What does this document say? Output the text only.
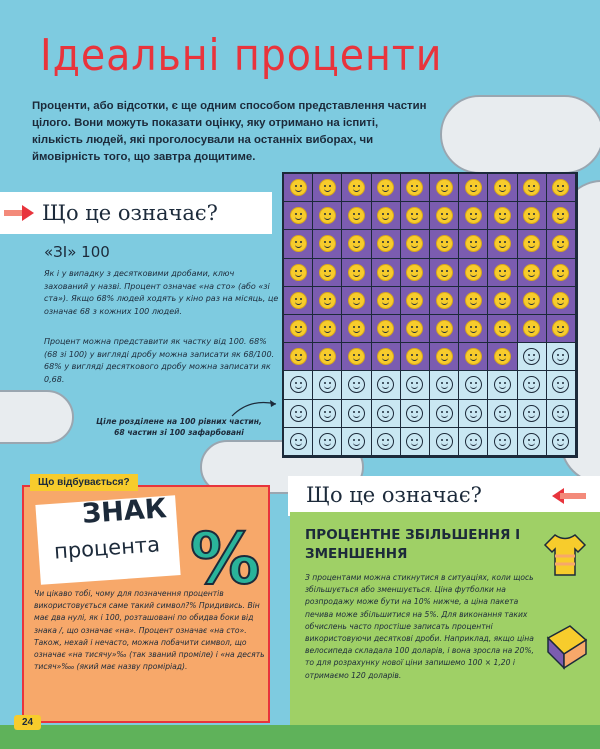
Ідеальні проценти

Проценти, або відсотки, є ще одним способом представлення частин цілого. Вони можуть показати оцінку, яку отримано на іспиті, кількість людей, які проголосували на останніх виборах, чи ймовірність того, що завтра дощитиме.

Що це означає?
«ЗІ» 100

Як і у випадку з десятковими дробами, ключ захований у назві. Процент означає «на сто» (або «зі ста»). Якщо 68% людей ходять у кіно раз на місяць, це означає 68 з кожних 100 людей.

Процент можна представити як частку від 100. 68% (68 зі 100) у вигляді дробу можна записати як 68/100. 68% у вигляді десяткового дробу можна записати як 0,68.

Ціле розділене на 100 рівних частин, 68 частин зі 100 зафарбовані

Що це означає?
Що відбувається?
ЗНАК
процента %

Чи цікаво тобі, чому для позначення процентів використовується саме такий символ?% Придивись. Він має два нулі, як і 100, розташовані по обидва боки від знака /, що означає «на». Процент означає «на сто». Також, нехай і нечасто, можна побачити символ, що означає «на тисячу»‰ (так званий проміле) і «на десять тисяч»‱ (який має назву проміріад).

ПРОЦЕНТНЕ ЗБІЛЬШЕННЯ І ЗМЕНШЕННЯ

З процентами можна стикнутися в ситуаціях, коли щось збільшується або зменшується. Ціна футболки на розпродажу може бути на 10% нижче, а ціна пакета печива може збільшитися на 5%. Для виконання таких обчислень часто простіше записать процентні використовуючи десяткові дроби. Наприклад, якщо ціна велосипеда складала 100 доларів, і вона зросла на 20%, то для розрахунку нової ціни запишемо 100 × 1,20 і отримаємо 120 доларів.

24
